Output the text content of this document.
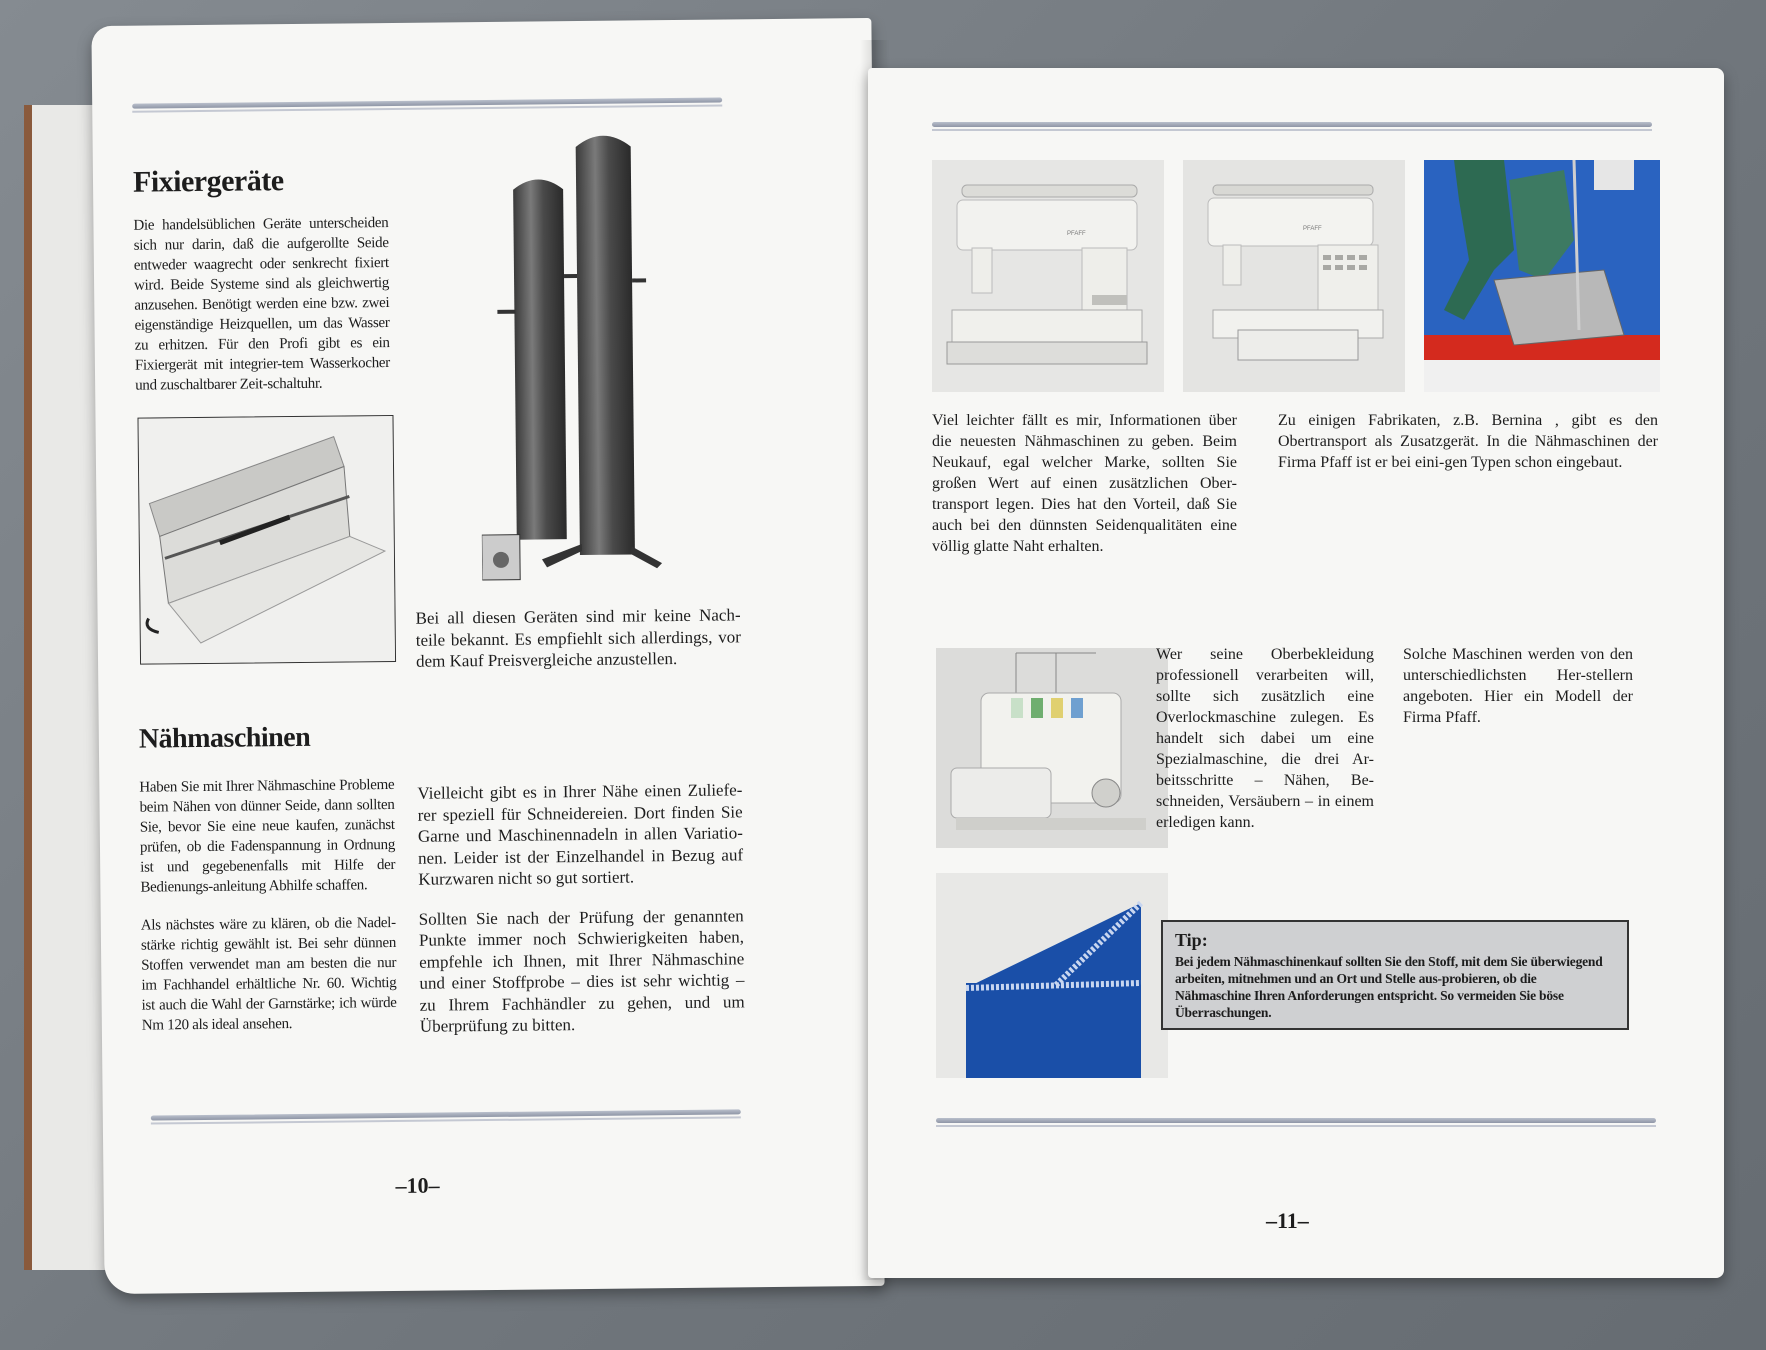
Fixiergeräte
Die handelsüblichen Geräte unterscheiden sich nur darin, daß die aufgerollte Seide entweder waagrecht oder senkrecht fixiert wird. Beide Systeme sind als gleichwertig anzusehen. Benötigt werden eine bzw. zwei eigenständige Heizquellen, um das Wasser zu erhitzen. Für den Profi gibt es ein Fixiergerät mit integrier-tem Wasserkocher und zuschaltbarer Zeit-schaltuhr.
Bei all diesen Geräten sind mir keine Nach-teile bekannt. Es empfiehlt sich allerdings, vor dem Kauf Preisvergleiche anzustellen.
Nähmaschinen

Haben Sie mit Ihrer Nähmaschine Probleme beim Nähen von dünner Seide, dann sollten Sie, bevor Sie eine neue kaufen, zunächst prüfen, ob die Fadenspannung in Ordnung ist und gegebenenfalls mit Hilfe der Bedienungs-anleitung Abhilfe schaffen.

Als nächstes wäre zu klären, ob die Nadel-stärke richtig gewählt ist. Bei sehr dünnen Stoffen verwendet man am besten die nur im Fachhandel erhältliche Nr. 60. Wichtig ist auch die Wahl der Garnstärke; ich würde Nm 120 als ideal ansehen.

Vielleicht gibt es in Ihrer Nähe einen Zuliefe-rer speziell für Schneidereien. Dort finden Sie Garne und Maschinennadeln in allen Variatio-nen. Leider ist der Einzelhandel in Bezug auf Kurzwaren nicht so gut sortiert.

Sollten Sie nach der Prüfung der genannten Punkte immer noch Schwierigkeiten haben, empfehle ich Ihnen, mit Ihrer Nähmaschine und einer Stoffprobe – dies ist sehr wichtig – zu Ihrem Fachhändler zu gehen, und um Überprüfung zu bitten.

–10–
PFAFF
PFAFF
Viel leichter fällt es mir, Informationen über die neuesten Nähmaschinen zu geben. Beim Neukauf, egal welcher Marke, sollten Sie großen Wert auf einen zusätzlichen Ober-transport legen. Dies hat den Vorteil, daß Sie auch bei den dünnsten Seidenqualitäten eine völlig glatte Naht erhalten.
Zu einigen Fabrikaten, z.B. Bernina , gibt es den Obertransport als Zusatzgerät. In die Nähmaschinen der Firma Pfaff ist er bei eini-gen Typen schon eingebaut.
Wer seine Oberbekleidung professionell verarbeiten will, sollte sich zusätzlich eine Overlockmaschine zulegen. Es handelt sich dabei um eine Spezialmaschine, die drei Ar-beitsschritte – Nähen, Be-schneiden, Versäubern – in einem erledigen kann.
Solche Maschinen werden von den unterschiedlichsten Her-stellern angeboten. Hier ein Modell der Firma Pfaff.
Tip:
Bei jedem Nähmaschinenkauf sollten Sie den Stoff, mit dem Sie überwiegend arbeiten, mitnehmen und an Ort und Stelle aus-probieren, ob die Nähmaschine Ihren Anforderungen entspricht. So vermeiden Sie böse Überraschungen.
–11–
